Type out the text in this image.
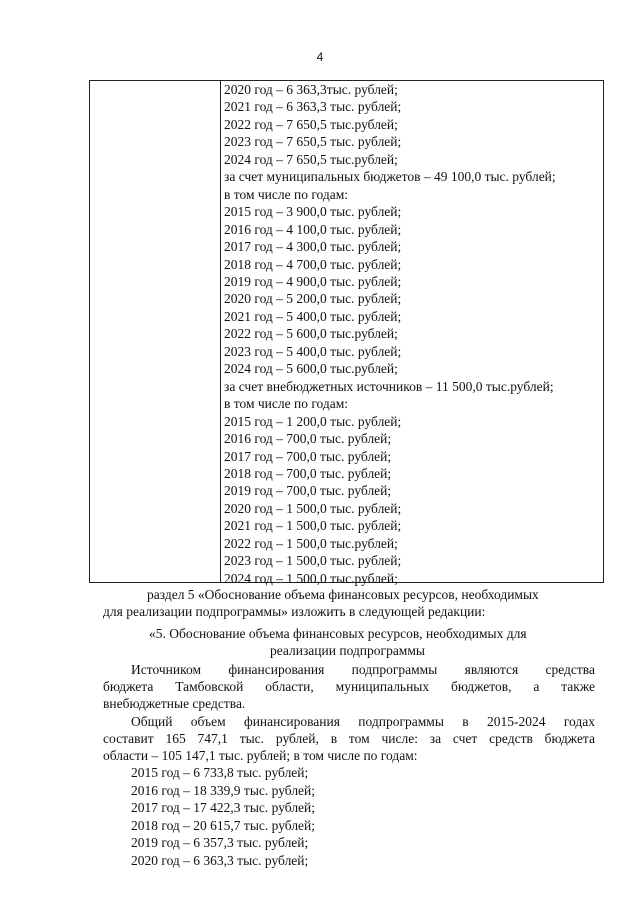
4
2020 год – 6 363,3тыс. рублей;
2021 год – 6 363,3 тыс. рублей;
2022 год – 7 650,5 тыс.рублей;
2023 год – 7 650,5 тыс. рублей;
2024 год – 7 650,5 тыс.рублей;
за счет муниципальных бюджетов – 49 100,0 тыс. рублей;
в том числе по годам:
2015 год – 3 900,0 тыс. рублей;
2016 год – 4 100,0 тыс. рублей;
2017 год – 4 300,0 тыс. рублей;
2018 год – 4 700,0 тыс. рублей;
2019 год – 4 900,0 тыс. рублей;
2020 год – 5 200,0 тыс. рублей;
2021 год – 5 400,0 тыс. рублей;
2022 год – 5 600,0 тыс.рублей;
2023 год – 5 400,0 тыс. рублей;
2024 год – 5 600,0 тыс.рублей;
за счет внебюджетных источников – 11 500,0 тыс.рублей;
в том числе по годам:
2015 год – 1 200,0 тыс. рублей;
2016 год – 700,0 тыс. рублей;
2017 год – 700,0 тыс. рублей;
2018 год – 700,0 тыс. рублей;
2019 год – 700,0 тыс. рублей;
2020 год – 1 500,0 тыс. рублей;
2021 год – 1 500,0 тыс. рублей;
2022 год – 1 500,0 тыс.рублей;
2023 год – 1 500,0 тыс. рублей;
2024 год – 1 500,0 тыс.рублей;
раздел 5 «Обоснование объема финансовых ресурсов, необходимых
для реализации подпрограммы» изложить в следующей редакции:
«5. Обоснование объема финансовых ресурсов, необходимых для
реализации подпрограммы
Источником финансирования подпрограммы являются средства
бюджета Тамбовской области, муниципальных бюджетов, а также
внебюджетные средства.
Общий объем финансирования подпрограммы в 2015-2024 годах
составит 165 747,1 тыс. рублей, в том числе: за счет средств бюджета
области – 105 147,1 тыс. рублей; в том числе по годам:
2015 год – 6 733,8 тыс. рублей;
2016 год – 18 339,9 тыс. рублей;
2017 год – 17 422,3 тыс. рублей;
2018 год – 20 615,7 тыс. рублей;
2019 год – 6 357,3 тыс. рублей;
2020 год – 6 363,3 тыс. рублей;
